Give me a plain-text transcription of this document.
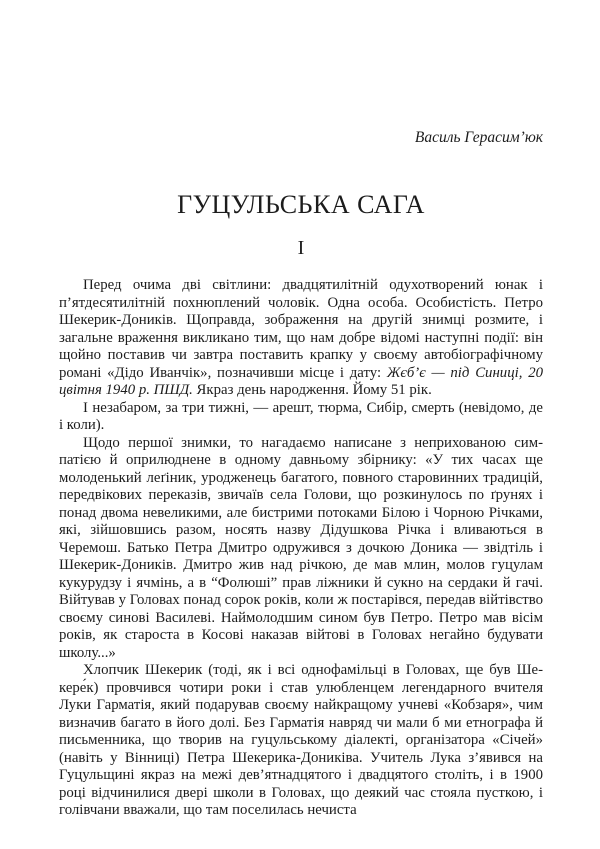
Василь Герасим’юк
ГУЦУЛЬСЬКА САГА
І

Перед очима дві світлини: двадцятилітній одухотворений юнак і п’ятдесятилітній похнюплений чоловік. Одна особа. Особистість. Петро Шекерик-Доників. Щоправда, зображення на другій знимці розмите, і загальне враження викликано тим, що нам добре відомі наступні події: він щойно поставив чи завтра поставить крапку у своєму автобіографічному романі «Дідо Иванчік», позначивши місце і дату: Жєб’є — під Синиці, 20 цвітня 1940 р. ПШД. Якраз день народження. Йому 51 рік.

І незабаром, за три тижні, — арешт, тюрма, Сибір, смерть (невідомо, де і коли).

Щодо першої знимки, то нагадаємо написане з неприхованою симпатією й оприлюднене в одному давньому збірнику: «У тих часах ще молоденький леґіник, уродженець багатого, повного старовинних традицій, передвікових переказів, звичаїв села Голови, що розкинулось по ґрунях і понад двома невеликими, але бистрими потоками Білою і Чорною Річками, які, зійшовшись разом, носять назву Дідушкова Річка і вливаються в Черемош. Батько Петра Дмитро одружився з дочкою Доника — звідтіль і Шекерик-Доників. Дмитро жив над річкою, де мав млин, молов гуцулам кукурудзу і ячмінь, а в “Фолюші” прав ліжники й сукно на сердаки й гачі. Війтував у Головах понад сорок років, коли ж постарівся, передав війтівство своєму синові Василеві. Наймолодшим сином був Петро. Петро мав вісім років, як староста в Косові наказав війтові в Головах негайно будувати школу...»

Хлопчик Шекерик (тоді, як і всі однофамільці в Головах, ще був Шекере́к) провчився чотири роки і став улюбленцем легендарного вчителя Луки Гарматія, який подарував своєму найкращому учневі «Кобзаря», чим визначив багато в його долі. Без Гарматія навряд чи мали б ми етнографа й письменника, що творив на гуцульському діалекті, організатора «Січей» (навіть у Вінниці) Петра Шекерика-Дониківа. Учитель Лука з’явився на Гуцульщині якраз на межі дев’ятнадцятого і двадцятого століть, і в 1900 році відчинилися двері школи в Головах, що деякий час стояла пусткою, і голівчани вважали, що там поселилась нечиста
